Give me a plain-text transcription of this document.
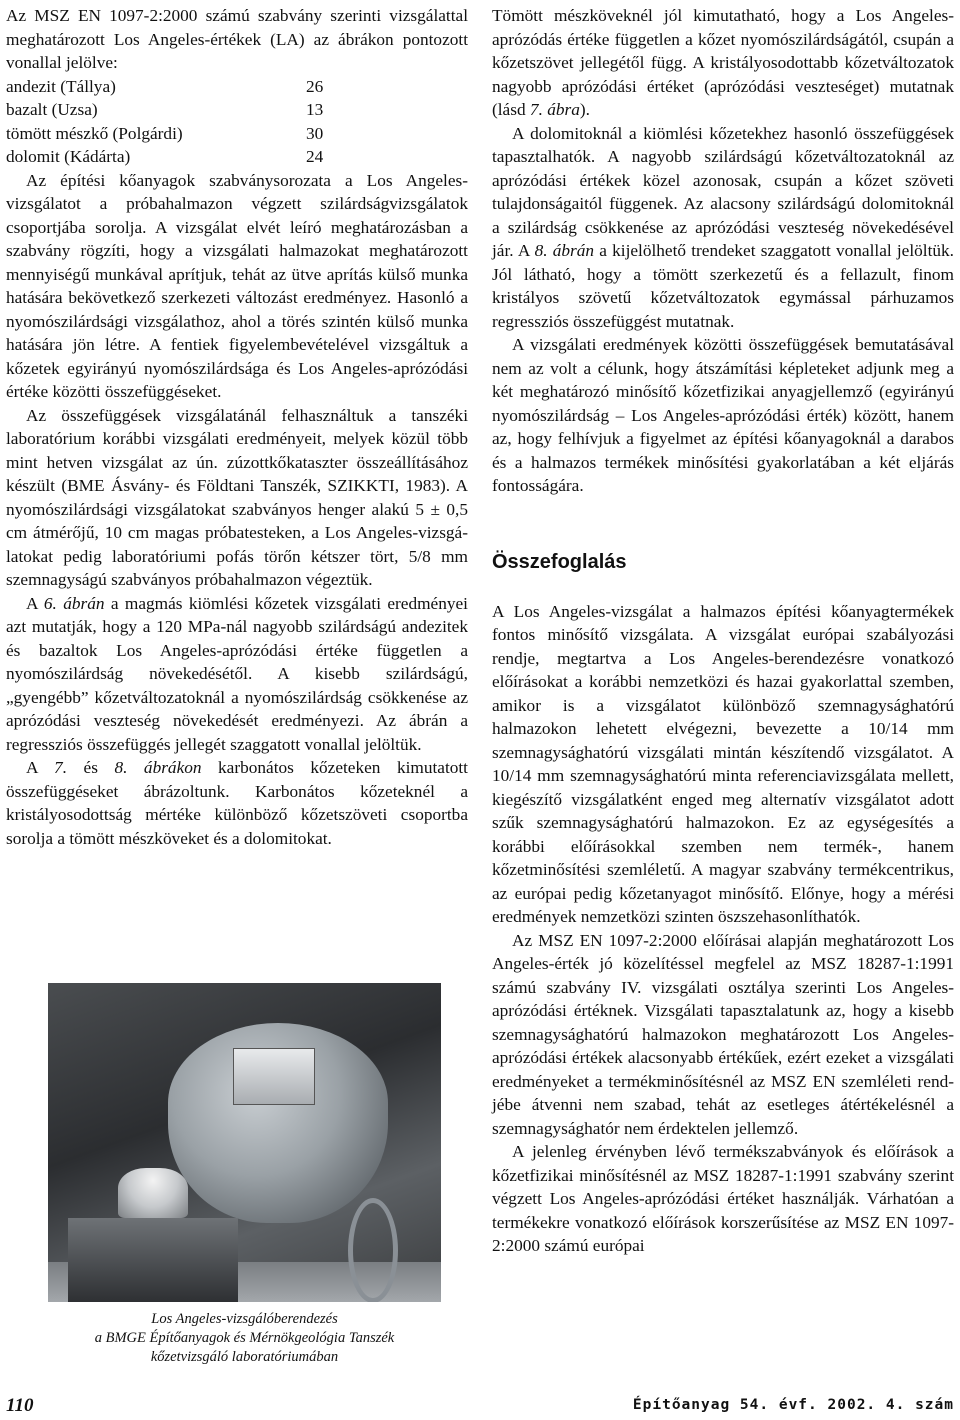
Az MSZ EN 1097-2:2000 számú szabvány szerinti vizsgálattal meghatározott Los Angeles-értékek (LA) az ábrákon pontozott vonallal jelölve:

andezit (Tállya)	26
bazalt (Uzsa)	13
tömött mészkő (Polgárdi)	30
dolomit (Kádárta)	24

Az építési kőanyagok szabványsorozata a Los Angeles-vizsgálatot a próbahalmazon végzett szilárdságvizsgálatok csoportjába sorolja. A vizsgálat elvét leíró meghatározásban a szabvány rögzíti, hogy a vizsgálati halmazokat meghatározott mennyiségű munkával aprítjuk, tehát az ütve aprítás külső munka hatására bekövetkező szerkezeti változást eredményez. Hasonló a nyomószilárdsági vizsgálathoz, ahol a törés szintén külső munka hatására jön létre. A fentiek figyelembevételével vizsgáltuk a kőzetek egyirányú nyomószilárdsága és Los Angeles-aprózódási értéke közötti összefüggéseket.

Az összefüggések vizsgálatánál felhasználtuk a tanszéki laboratórium korábbi vizsgálati eredményeit, melyek közül több mint hetven vizsgálat az ún. zúzottkőkataszter összeállításához készült (BME Ásvány- és Földtani Tanszék, SZIKKTI, 1983). A nyomószilárdsági vizsgálatokat szabványos henger alakú 5 ± 0,5 cm átmérőjű, 10 cm magas próbatesteken, a Los Angeles-vizsgálatokat pedig laboratóriumi pofás törőn kétszer tört, 5/8 mm szemnagyságú szabványos próbahalmazon végeztük.

A 6. ábrán a magmás kiömlési kőzetek vizsgálati eredményei azt mutatják, hogy a 120 MPa-nál nagyobb szilárdságú andezitek és bazaltok Los Angeles-aprózódási értéke független a nyomószilárdság növekedésétől. A kisebb szilárdságú, „gyengébb” kőzetváltozatoknál a nyomószilárdság csökkenése az aprózódási veszteség növekedését eredményezi. Az ábrán a regressziós összefüggés jellegét szaggatott vonallal jelöltük.

A 7. és 8. ábrákon karbonátos kőzeteken kimutatott összefüggéseket ábrázoltunk. Karbonátos kőzeteknél a kristályosodottság mértéke különböző kőzetszöveti csoportba sorolja a tömött mészköveket és a dolomitokat.

Los Angeles-vizsgálóberendezés
a BMGE Építőanyagok és Mérnökgeológia Tanszék
kőzetvizsgáló laboratóriumában

Tömött mészköveknél jól kimutatható, hogy a Los Angeles-aprózódás értéke független a kőzet nyomószilárdságától, csupán a kőzetszövet jellegétől függ. A kristályosodottabb kőzetváltozatok nagyobb aprózódási értéket (aprózódási veszteséget) mutatnak (lásd 7. ábra).

A dolomitoknál a kiömlési kőzetekhez hasonló összefüggések tapasztalhatók. A nagyobb szilárdságú kőzetváltozatoknál az aprózódási értékek közel azonosak, csupán a kőzet szöveti tulajdonságaitól függenek. Az alacsony szilárdságú dolomitoknál a szilárdság csökkenése az aprózódási veszteség növekedésével jár. A 8. ábrán a kijelölhető trendeket szaggatott vonallal jelöltük. Jól látható, hogy a tömött szerkezetű és a fellazult, finom kristályos szövetű kőzetváltozatok egymással párhuzamos regressziós összefüggést mutatnak.

A vizsgálati eredmények közötti összefüggések bemutatásával nem az volt a célunk, hogy átszámítási képleteket adjunk meg a két meghatározó minősítő kőzetfizikai anyagjellemző (egyirányú nyomószilárdság – Los Angeles-aprózódási érték) között, hanem az, hogy felhívjuk a figyelmet az építési kőanyagoknál a darabos és a halmazos termékek minősítési gyakorlatában a két eljárás fontosságára.

Összefoglalás

A Los Angeles-vizsgálat a halmazos építési kőanyagtermékek fontos minősítő vizsgálata. A vizsgálat európai szabályozási rendje, megtartva a Los Angeles-berendezésre vonatkozó előírásokat a korábbi nemzetközi és hazai gyakorlattal szemben, amikor is a vizsgálatot különböző szemnagysághatórú halmazokon lehetett elvégezni, bevezette a 10/14 mm szemnagysághatórú vizsgálati mintán készítendő vizsgálatot. A 10/14 mm szemnagysághatórú minta referenciavizsgálata mellett, kiegészítő vizsgálatként enged meg alternatív vizsgálatot adott szűk szemnagysághatórú halmazokon. Ez az egységesítés a korábbi előírásokkal szemben nem termék-, hanem kőzetminősítési szemléletű. A magyar szabvány termékcentrikus, az európai pedig kőzetanyagot minősítő. Előnye, hogy a mérési eredmények nemzetközi szinten öszszehasonlíthatók.

Az MSZ EN 1097-2:2000 előírásai alapján meghatározott Los Angeles-érték jó közelítéssel megfelel az MSZ 18287-1:1991 számú szabvány IV. vizsgálati osztálya szerinti Los Angeles-aprózódási értéknek. Vizsgálati tapasztalatunk az, hogy a kisebb szemnagysághatórú halmazokon meghatározott Los Angeles-aprózódási értékek alacsonyabb értékűek, ezért ezeket a vizsgálati eredményeket a termékminősítésnél az MSZ EN szemléleti rendjébe átvenni nem szabad, tehát az esetleges átértékelésnél a szemnagysághatór nem érdektelen jellemző.

A jelenleg érvényben lévő termékszabványok és előírások a kőzetfizikai minősítésnél az MSZ 18287-1:1991 szabvány szerint végzett Los Angeles-aprózódási értéket használják. Várhatóan a termékekre vonatkozó előírások korszerűsítése az MSZ EN 1097-2:2000 számú európai

110	Építőanyag 54. évf. 2002. 4. szám
